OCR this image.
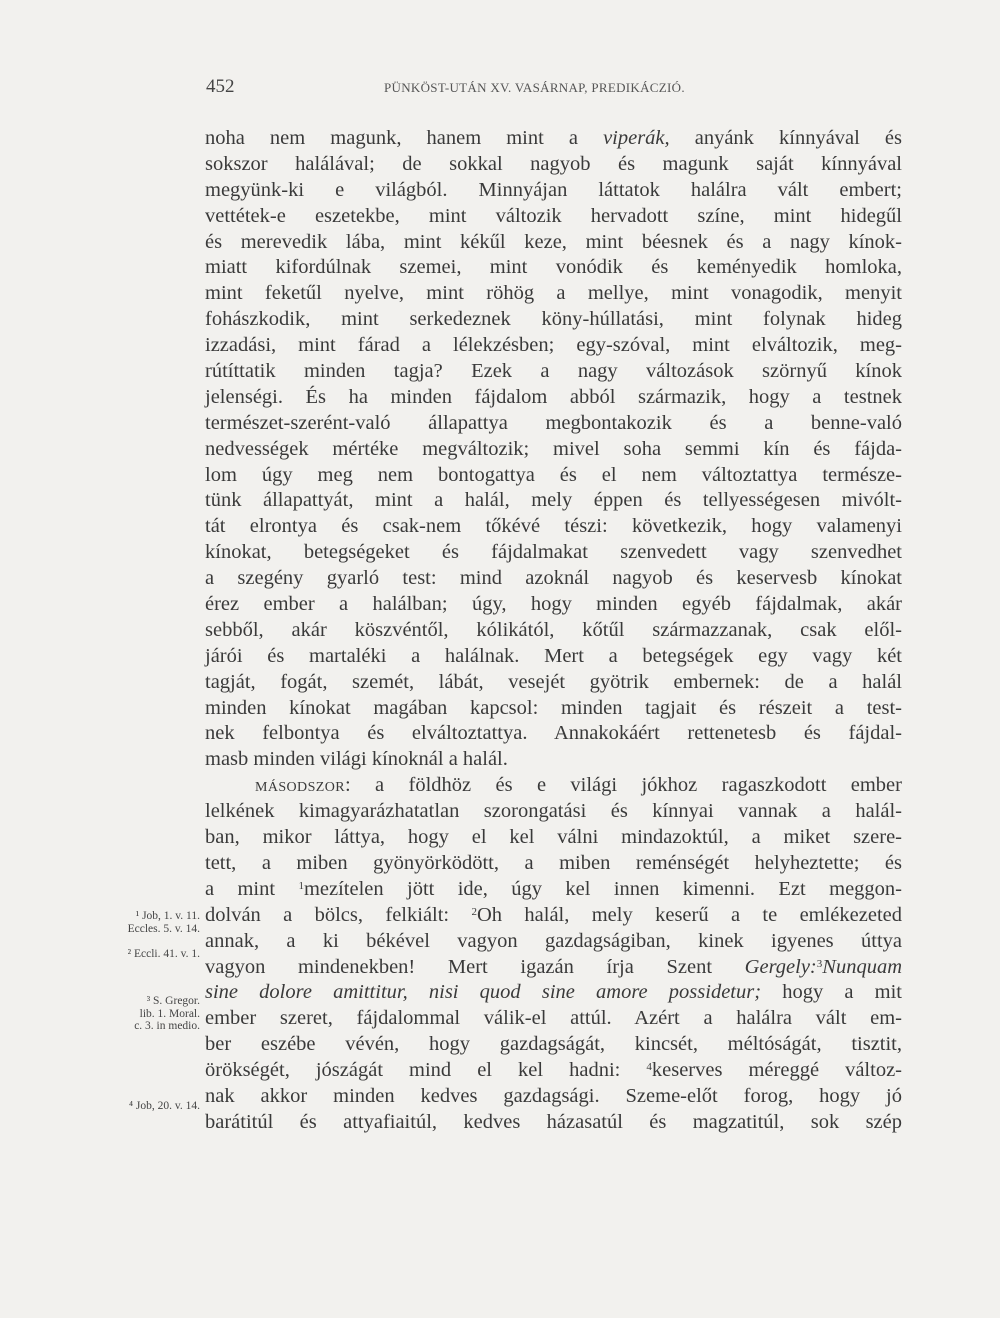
452	PÜNKÖST-UTÁN XV. VASÁRNAP, PREDIKÁCZIÓ.
noha nem magunk, hanem mint a viperák, anyánk kínnyával és
sokszor halálával; de sokkal nagyob és magunk saját kínnyával
megyünk-ki e világból. Minnyájan láttatok halálra vált embert;
vettétek-e eszetekbe, mint változik hervadott színe, mint hidegűl
és merevedik lába, mint kékűl keze, mint béesnek és a nagy kínok-
miatt kifordúlnak szemei, mint vonódik és keményedik homloka,
mint feketűl nyelve, mint röhög a mellye, mint vonagodik, menyit
fohászkodik, mint serkedeznek köny-húllatási, mint folynak hideg
izzadási, mint fárad a lélekzésben; egy-szóval, mint elváltozik, meg-
rútíttatik minden tagja? Ezek a nagy változások szörnyű kínok
jelenségi. És ha minden fájdalom abból származik, hogy a testnek
természet-szerént-való állapattya megbontakozik és a benne-való
nedvességek mértéke megváltozik; mivel soha semmi kín és fájda-
lom úgy meg nem bontogattya és el nem változtattya természe-
tünk állapattyát, mint a halál, mely éppen és tellyességesen mivólt-
tát elrontya és csak-nem tőkévé tészi: következik, hogy valamenyi
kínokat, betegségeket és fájdalmakat szenvedett vagy szenvedhet
a szegény gyarló test: mind azoknál nagyob és keservesb kínokat
érez ember a halálban; úgy, hogy minden egyéb fájdalmak, akár
sebből, akár köszvéntől, kólikától, kőtűl származzanak, csak elől-
járói és martaléki a halálnak. Mert a betegségek egy vagy két
tagját, fogát, szemét, lábát, vesejét gyötrik embernek: de a halál
minden kínokat magában kapcsol: minden tagjait és részeit a test-
nek felbontya és elváltoztattya. Annakokáért rettenetesb és fájdal-
masb minden világi kínoknál a halál.
MÁSODSZOR: a földhöz és e világi jókhoz ragaszkodott ember
lelkének kimagyarázhatatlan szorongatási és kínnyai vannak a halál-
ban, mikor láttya, hogy el kel válni mindazoktúl, a miket szere-
tett, a miben gyönyörködött, a miben reménségét helyheztette; és
a mint $^1$mezítelen jött ide, úgy kel innen kimenni. Ezt meggon-
dolván a bölcs, felkiált: $^2$Oh halál, mely keserű a te emlékezeted
annak, a ki békével vagyon gazdagságiban, kinek igyenes úttya
vagyon mindenekben! Mert igazán írja Szent Gergely:$^3$Nunquam
sine dolore amittitur, nisi quod sine amore possidetur; hogy a mit
ember szeret, fájdalommal válik-el attúl. Azért a halálra vált em-
ber eszébe vévén, hogy gazdagságát, kincsét, méltóságát, tisztit,
örökségét, jószágát mind el kel hadni: $^4$keserves méreggé változ-
nak akkor minden kedves gazdagsági. Szeme-előt forog, hogy jó
barátitúl és attyafiaitúl, kedves házasatúl és magzatitúl, sok szép
¹ Job, 1. v. 11.
Eccles. 5. v. 14.
² Eccli. 41. v. 1.
³ S. Gregor.
lib. 1. Moral.
c. 3. in medio.
⁴ Job, 20. v. 14.
